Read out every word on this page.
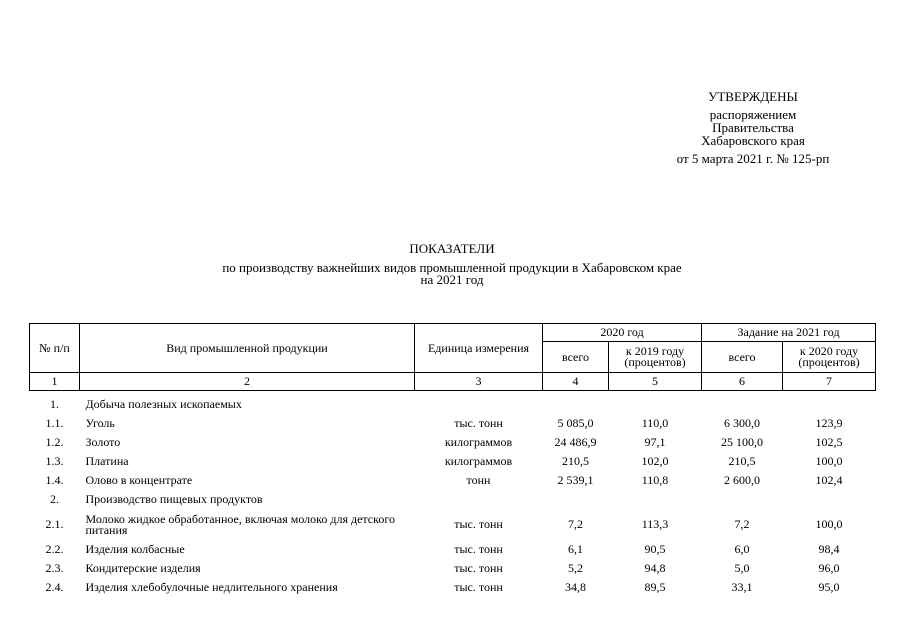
УТВЕРЖДЕНЫ
распоряжением
Правительства
Хабаровского края
от 5 марта 2021 г. № 125-рп
ПОКАЗАТЕЛИ
по производству важнейших видов промышленной продукции в Хабаровском крае
на 2021 год
№ п/п	Вид промышленной продукции	Единица измерения	2020 год		Задание на 2021 год	
			всего	к 2019 году (процентов)	всего	к 2020 году (процентов)
1	2	3	4	5	6	7
1.	Добыча полезных ископаемых					
1.1.	Уголь	тыс. тонн	5 085,0	110,0	6 300,0	123,9
1.2.	Золото	килограммов	24 486,9	97,1	25 100,0	102,5
1.3.	Платина	килограммов	210,5	102,0	210,5	100,0
1.4.	Олово в концентрате	тонн	2 539,1	110,8	2 600,0	102,4
2.	Производство пищевых продуктов					
2.1.	Молоко жидкое обработанное, включая молоко для детского питания	тыс. тонн	7,2	113,3	7,2	100,0
2.2.	Изделия колбасные	тыс. тонн	6,1	90,5	6,0	98,4
2.3.	Кондитерские изделия	тыс. тонн	5,2	94,8	5,0	96,0
2.4.	Изделия хлебобулочные недлительного хранения	тыс. тонн	34,8	89,5	33,1	95,0
